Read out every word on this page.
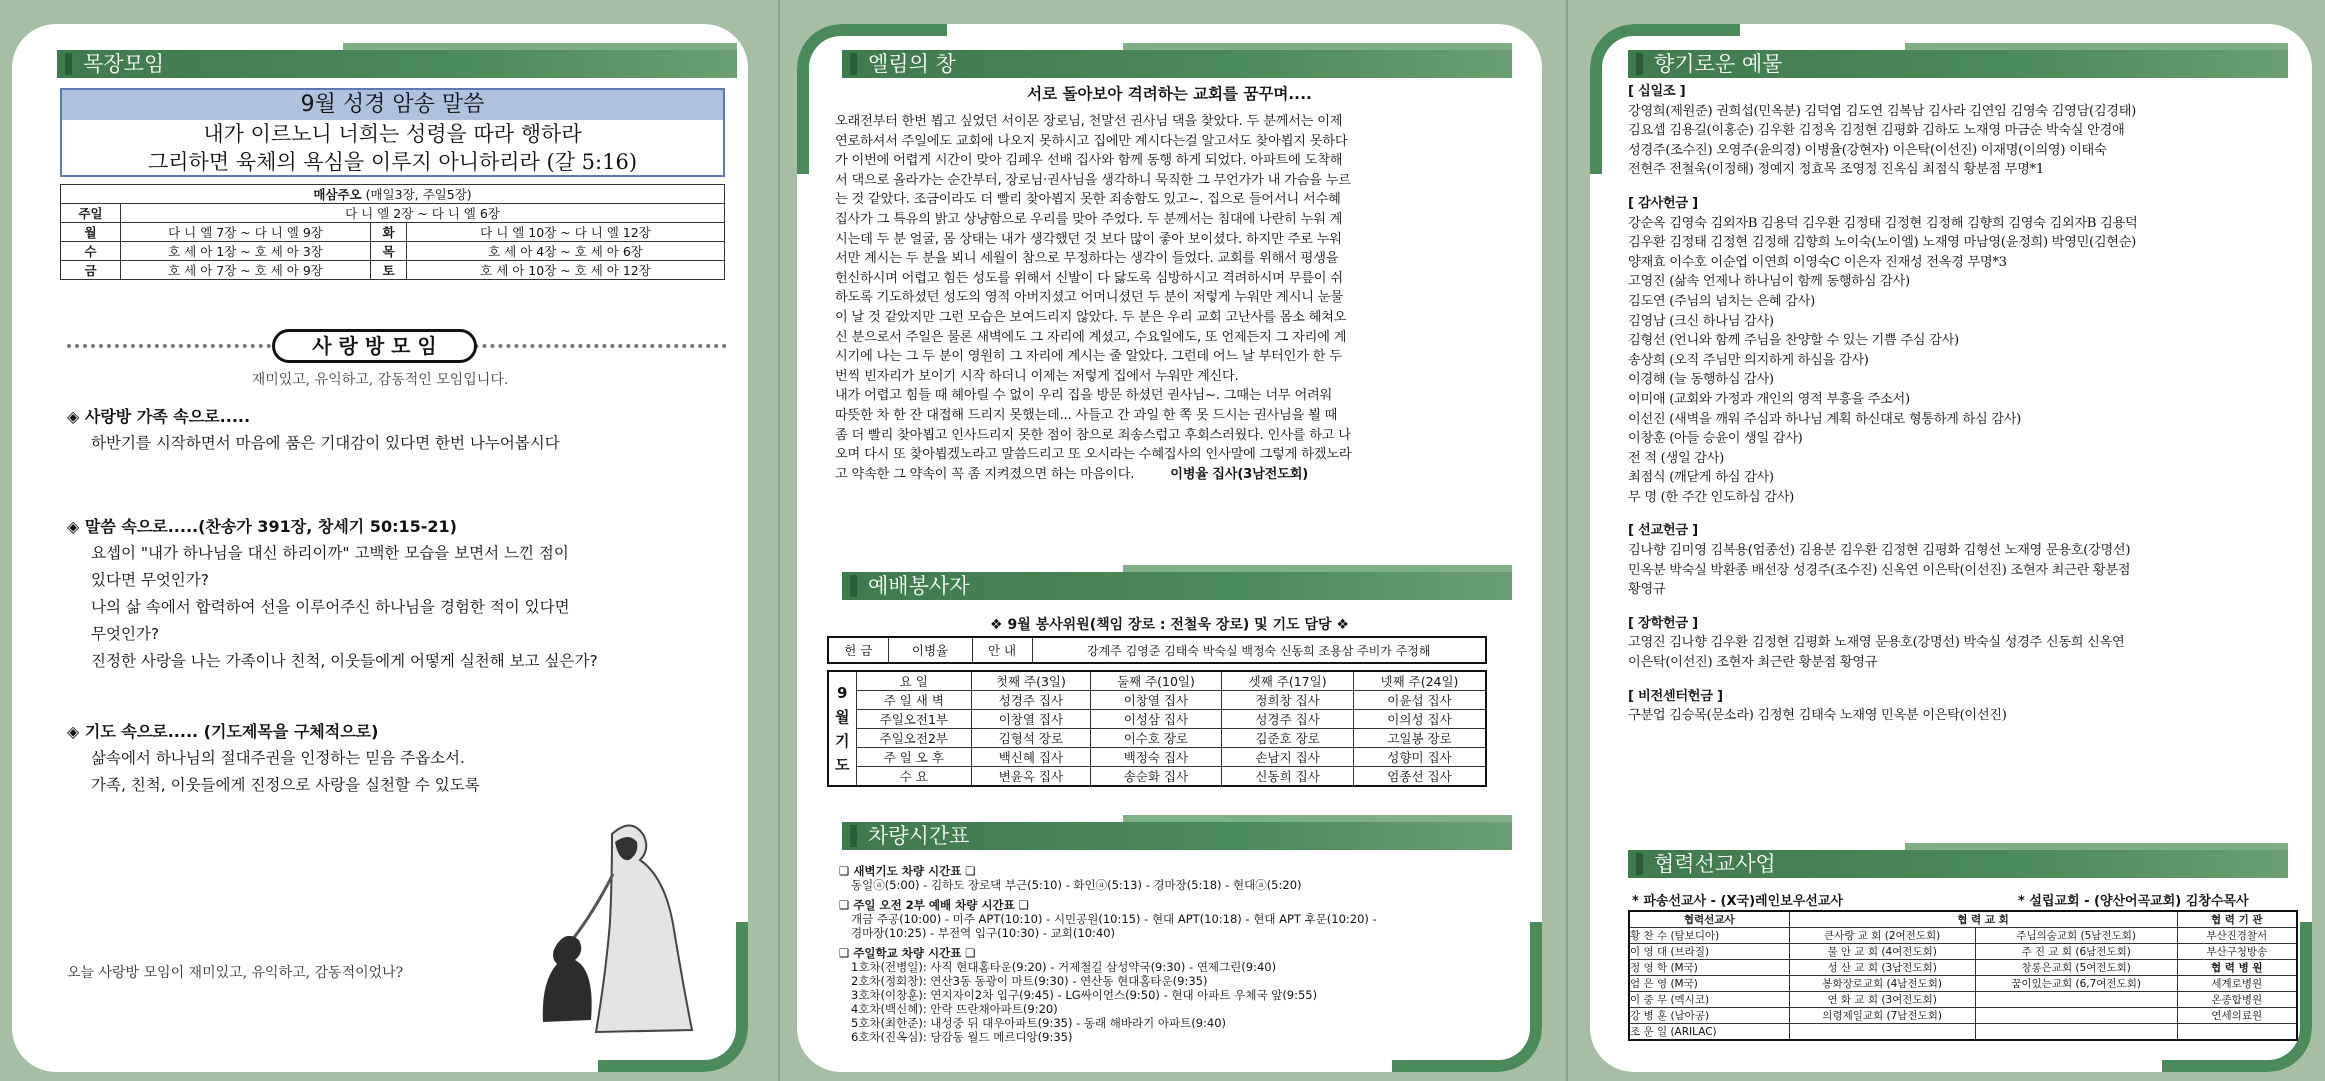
목장모임
9월 성경 암송 말씀
내가 이르노니 너희는 성령을 따라 행하라
그리하면 육체의 욕심을 이루지 아니하리라 (갈 5:16)
매삼주오 (매일3장, 주일5장)			
주일	다 니 엘 2장 ~ 다 니 엘 6장		
월	다 니 엘 7장 ~ 다 니 엘 9장	화	다 니 엘 10장 ~ 다 니 엘 12장
수	호 세 아 1장 ~ 호 세 아 3장	목	호 세 아 4장 ~ 호 세 아 6장
금	호 세 아 7장 ~ 호 세 아 9장	토	호 세 아 10장 ~ 호 세 아 12장
사 랑 방 모 임
재미있고, 유익하고, 감동적인 모임입니다.
◈ 사랑방 가족 속으로.....
하반기를 시작하면서 마음에 품은 기대감이 있다면 한번 나누어봅시다
◈ 말씀 속으로.....(찬송가 391장, 창세기 50:15-21)
요셉이 "내가 하나님을 대신 하리이까" 고백한 모습을 보면서 느낀 점이
있다면 무엇인가?
나의 삶 속에서 합력하여 선을 이루어주신 하나님을 경험한 적이 있다면
무엇인가?
진정한 사랑을 나는 가족이나 친척, 이웃들에게 어떻게 실천해 보고 싶은가?
◈ 기도 속으로..... (기도제목을 구체적으로)
삶속에서 하나님의 절대주권을 인정하는 믿음 주옵소서.
가족, 친척, 이웃들에게 진정으로 사랑을 실천할 수 있도록
오늘 사랑방 모임이 재미있고, 유익하고, 감동적이었나?
엘림의 창
서로 돌아보아 격려하는 교회를 꿈꾸며....
오래전부터 한번 뵙고 싶었던 서이몬 장로님, 천말선 권사님 댁을 찾았다. 두 분께서는 이제
연로하셔서 주일에도 교회에 나오지 못하시고 집에만 계시다는걸 알고서도 찾아뵙지 못하다
가 이번에 어렵게 시간이 맞아 김페우 선배 집사와 함께 동행 하게 되었다. 아파트에 도착해
서 댁으로 올라가는 순간부터, 장로님·권사님을 생각하니 묵직한 그 무언가가 내 가슴을 누르
는 것 같았다. 조금이라도 더 빨리 찾아뵙지 못한 죄송함도 있고~. 집으로 들어서니 서수혜
집사가 그 특유의 밝고 상냥함으로 우리를 맞아 주었다. 두 분께서는 침대에 나란히 누워 계
시는데 두 분 얼굴, 몸 상태는 내가 생각했던 것 보다 많이 좋아 보이셨다. 하지만 주로 누워
서만 계시는 두 분을 뵈니 세월이 참으로 무정하다는 생각이 들었다. 교회를 위해서 평생을
헌신하시며 어렵고 힘든 성도를 위해서 신발이 다 닳도록 심방하시고 격려하시며 무릎이 쉬
하도록 기도하셨던 성도의 영적 아버지셨고 어머니셨던 두 분이 저렇게 누워만 계시니 눈물
이 날 것 같았지만 그런 모습은 보여드리지 않았다. 두 분은 우리 교회 고난사를 몸소 헤쳐오
신 분으로서 주일은 물론 새벽에도 그 자리에 계셨고, 수요일에도, 또 언제든지 그 자리에 계
시기에 나는 그 두 분이 영원히 그 자리에 계시는 줄 알았다. 그런데 어느 날 부터인가 한 두
번씩 빈자리가 보이기 시작 하더니 이제는 저렇게 집에서 누워만 계신다.
내가 어렵고 힘들 때 헤아릴 수 없이 우리 집을 방문 하셨던 권사님~. 그때는 너무 어려워
따뜻한 차 한 잔 대접해 드리지 못했는데... 사들고 간 과일 한 쪽 못 드시는 권사님을 뵐 때
좀 더 빨리 찾아뵙고 인사드리지 못한 점이 참으로 죄송스럽고 후회스러웠다. 인사를 하고 나
오며 다시 또 찾아뵙겠노라고 말씀드리고 또 오시라는 수혜집사의 인사말에 그렇게 하겠노라
고 약속한 그 약속이 꼭 좀 지켜졌으면 하는 마음이다.	이병율 집사(3남전도회)
예배봉사자
❖ 9월 봉사위원(책임 장로 : 전철욱 장로) 및 기도 담당 ❖
헌 금	이병율	안 내	강계주 김영준 김태숙 박숙실 백정숙 신동희 조용삼 주비가 주정해
9
월
기
도	요 일	첫째 주(3일)	둘째 주(10일)	셋째 주(17일)	넷째 주(24일)
	주 일 새 벽	성경주 집사	이창열 집사	정희창 집사	이윤섭 집사
	주일오전1부	이창열 집사	이성삼 집사	성경주 집사	이의성 집사
	주일오전2부	김형석 장로	이수호 장로	김준호 장로	고일봉 장로
	주 일 오 후	백신혜 집사	백정숙 집사	손남지 집사	성향미 집사
	수 요	변윤옥 집사	송순화 집사	신동희 집사	엄종선 집사
차량시간표
❑ 새벽기도 차량 시간표 ❑
동일ⓐ(5:00) - 김하도 장로댁 부근(5:10) - 화인ⓐ(5:13) - 경마장(5:18) - 현대ⓐ(5:20)
❑ 주일 오전 2부 예배 차량 시간표 ❑
개금 주공(10:00) - 미주 APT(10:10) - 시민공원(10:15) - 현대 APT(10:18) - 현대 APT 후문(10:20) -
경마장(10:25) - 부전역 입구(10:30) - 교회(10:40)
❑ 주일학교 차량 시간표 ❑
1호차(전병일): 사직 현대홈타운(9:20) - 거제철길 삼성약국(9:30) - 연제그린(9:40)
2호차(정회창): 연산3동 동광이 마트(9:30) - 연산동 현대홈타운(9:35)
3호차(이창훈): 연지자이2차 입구(9:45) - LG싸이언스(9:50) - 현대 아파트 우체국 앞(9:55)
4호차(백신혜): 안락 뜨란채아파트(9:20)
5호차(최한준): 내성중 뒤 대우아파트(9:35) - 동래 해바라기 아파트(9:40)
6호차(진옥심): 당감동 월드 메르디앙(9:35)
향기로운 예물
[ 십일조 ]
강영희(제원준) 권희섭(민옥분) 김덕엽 김도연 김복남 김사라 김연임 김영숙 김영담(김경태)
김요셉 김용길(이홍순) 김우환 김정옥 김정현 김평화 김하도 노재영 마금순 박숙실 안경애
성경주(조수진) 오영주(윤의경) 이병율(강현자) 이은탁(이선진) 이재명(이의영) 이태숙
전현주 전철욱(이정해) 정예지 정효목 조영정 진옥심 최점식 황분점 무명*1
[ 감사헌금 ]
강순옥 김영숙 김외자B 김용덕 김우환 김정태 김정현 김정해 김향희 김영숙 김외자B 김용덕
김우환 김정태 김정현 김정해 김향희 노이숙(노이엘) 노재영 마남영(윤정희) 박영민(김현순)
양재효 이수호 이순엽 이연희 이영숙C 이은자 진재성 전옥경 무명*3
고영진 (삶속 언제나 하나님이 함께 동행하심 감사)
김도연 (주님의 넘치는 은혜 감사)
김영남 (크신 하나님 감사)
김형선 (언니와 함께 주님을 찬양할 수 있는 기쁨 주심 감사)
송상희 (오직 주님만 의지하게 하심을 감사)
이경해 (늘 동행하심 감사)
이미애 (교회와 가정과 개인의 영적 부흥을 주소서)
이선진 (새벽을 깨워 주심과 하나님 계획 하신대로 형통하게 하심 감사)
이창훈 (아들 승윤이 생일 감사)
전 적 (생일 감사)
최점식 (깨닫게 하심 감사)
무 명 (한 주간 인도하심 감사)
[ 선교헌금 ]
김나향 김미영 김복용(엄종선) 김용분 김우환 김정현 김평화 김형선 노재영 문용호(강명선)
민옥분 박숙실 박환종 배선장 성경주(조수진) 신옥연 이은탁(이선진) 조현자 최근란 황분점
황영규
[ 장학헌금 ]
고영진 김나향 김우환 김정현 김평화 노재영 문용호(강명선) 박숙실 성경주 신동희 신옥연
이은탁(이선진) 조현자 최근란 황분점 황영규
[ 비전센터헌금 ]
구분업 김승목(문소라) 김정현 김태숙 노재영 민옥분 이은탁(이선진)
협력선교사업
* 파송선교사 - (X국)레인보우선교사	* 설립교회 - (양산어곡교회) 김창수목사
협력선교사	협 력 교 회		협 력 기 관
황 찬 수 (탐보디아)	큰사랑 교 회 (2여전도회)	주님의숨교회 (5남전도회)	부산진경찰서
이 영 대 (브라질)	물 안 교 회 (4여전도회)	주 진 교 회 (6남전도회)	부산구청방송
정 영 학 (M국)	성 산 교 회 (3남전도회)	창롱은교회 (5여전도회)	협 력 병 원
엄 은 영 (M국)	봉화장로교회 (4남전도회)	꿈이있는교회 (6,7여전도회)	세계로병원
이 중 무 (멕시코)	연 화 교 회 (3여전도회)		온종합병원
강 병 훈 (남아공)	의령제일교회 (7남전도회)		연세의료원
조 운 일 (ARILAC)			
